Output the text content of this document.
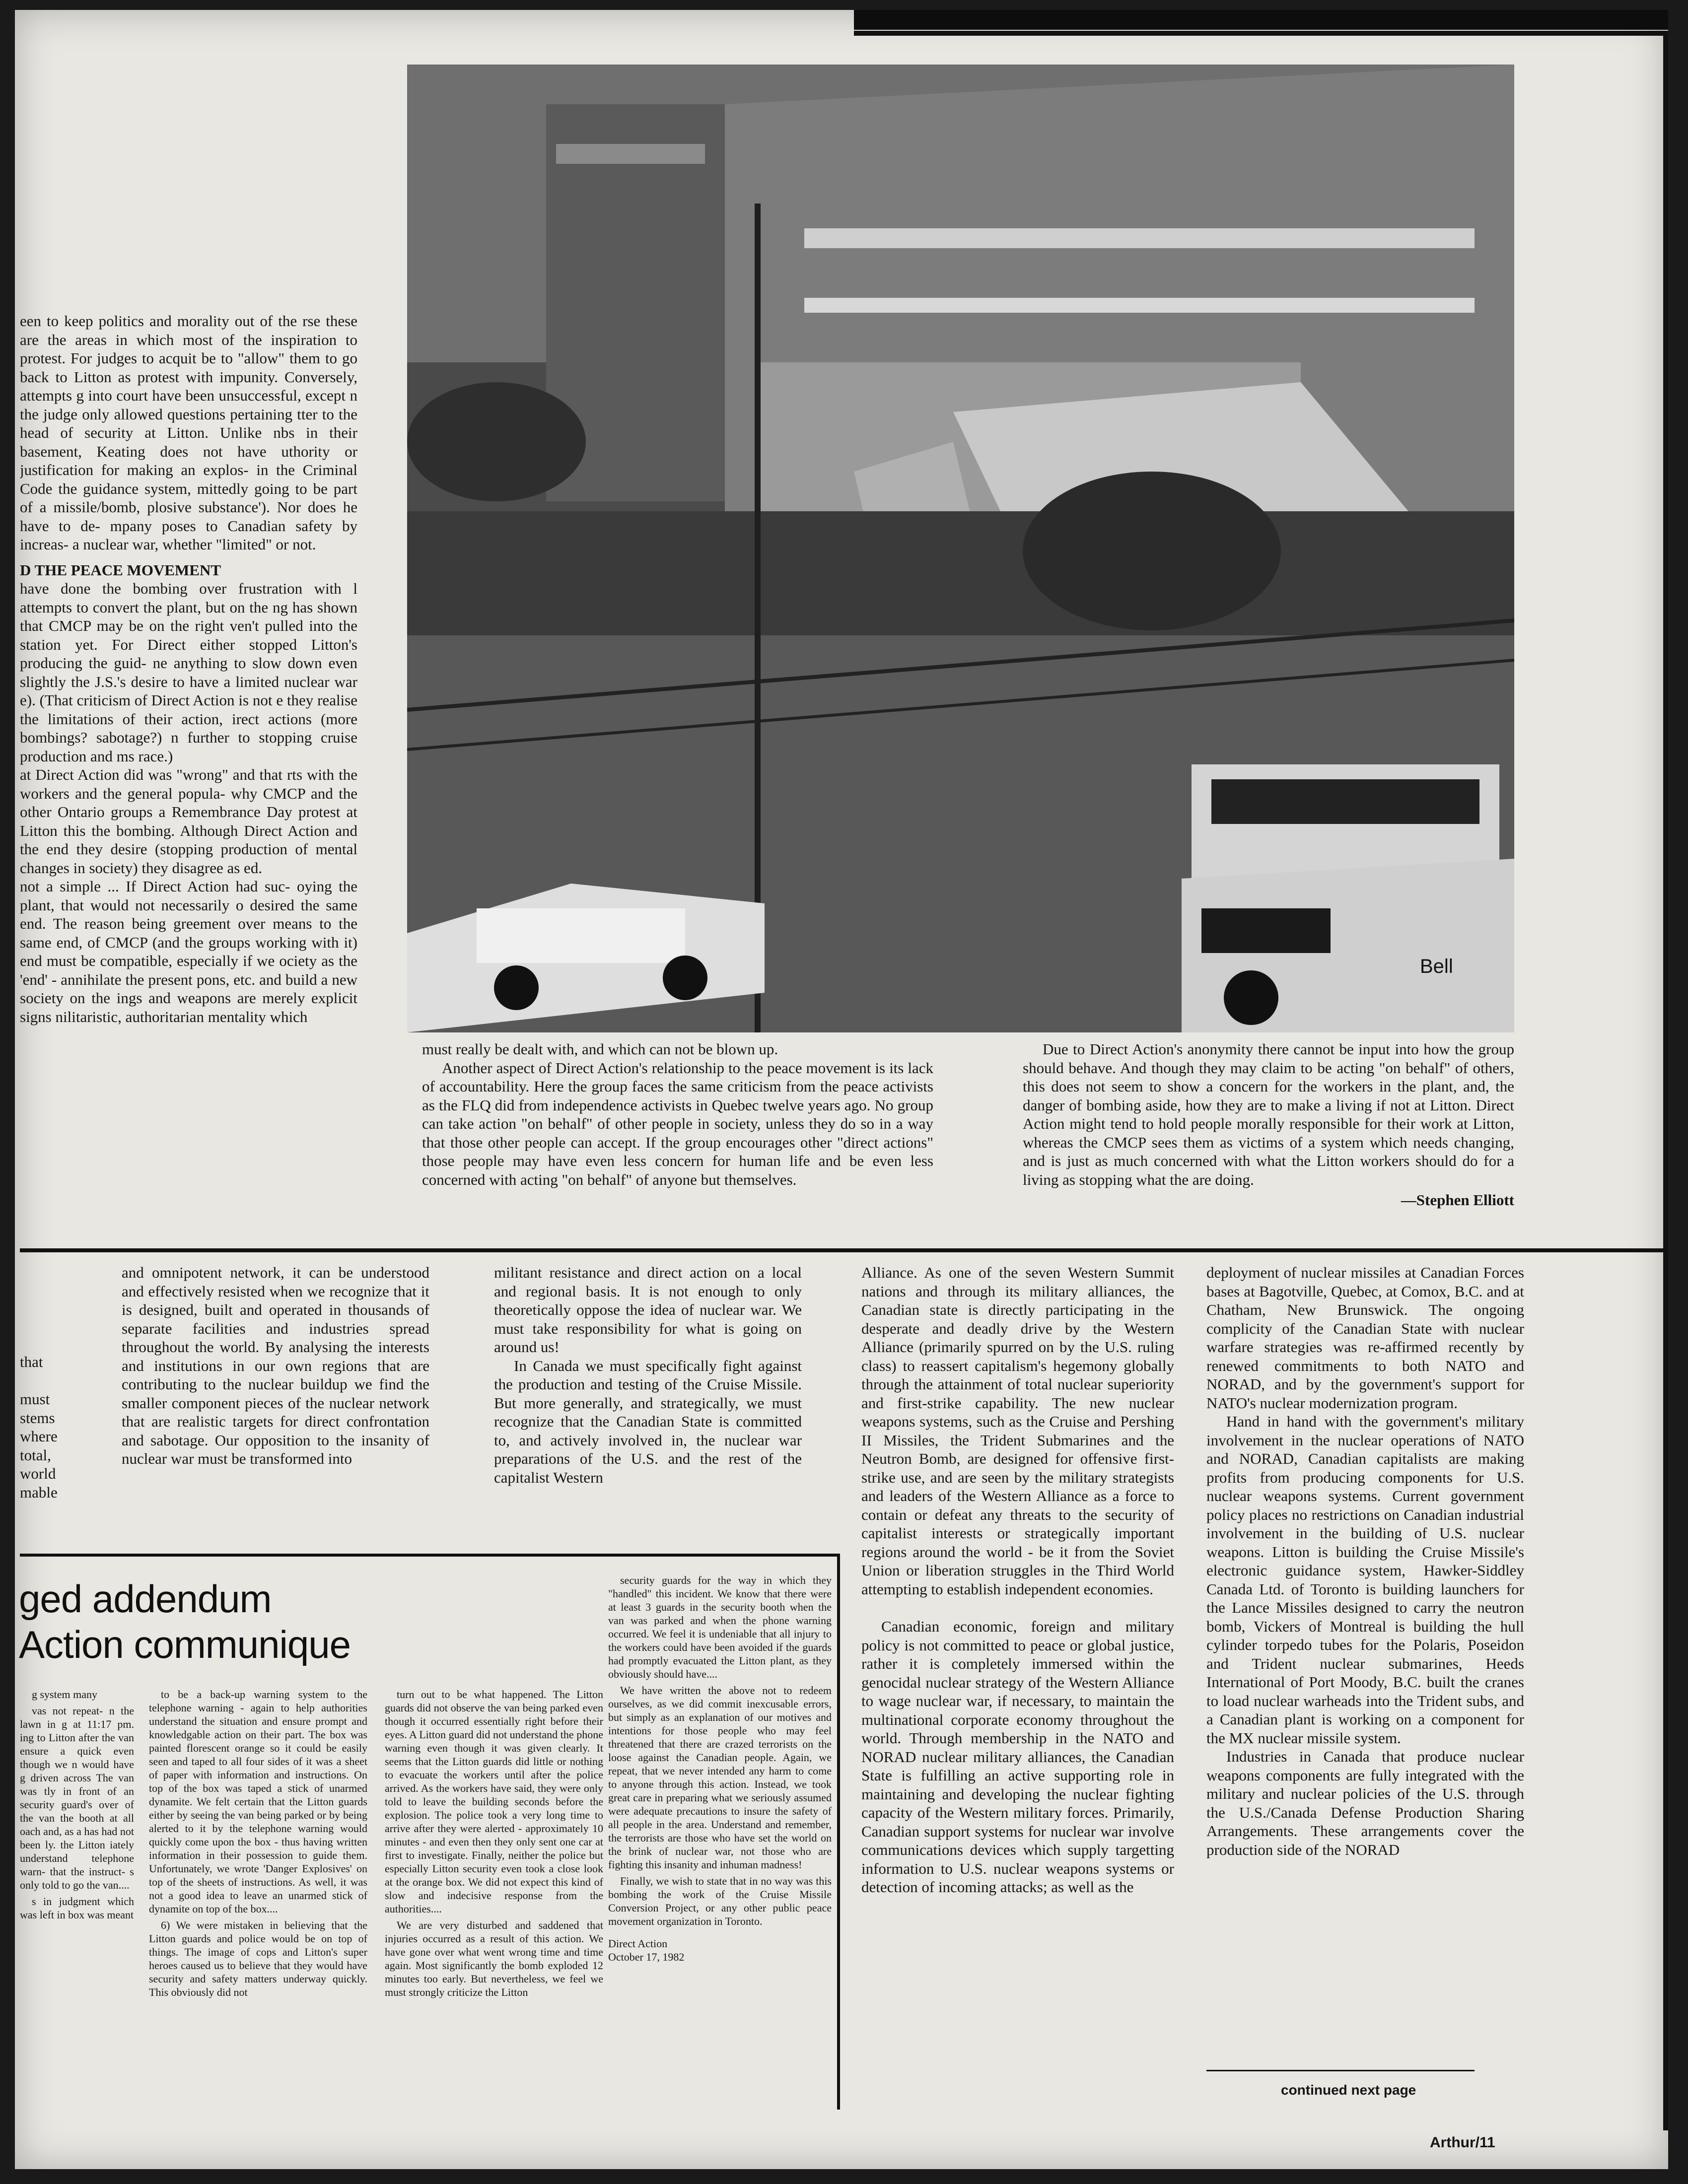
Bell

een to keep politics and morality out of the rse these are the areas in which most of the inspiration to protest. For judges to acquit be to "allow" them to go back to Litton as protest with impunity. Conversely, attempts g into court have been unsuccessful, except n the judge only allowed questions pertaining tter to the head of security at Litton. Unlike nbs in their basement, Keating does not have uthority or justification for making an explos- in the Criminal Code the guidance system, mittedly going to be part of a missile/bomb, plosive substance'). Nor does he have to de- mpany poses to Canadian safety by increas- a nuclear war, whether "limited" or not.

D THE PEACE MOVEMENT

have done the bombing over frustration with l attempts to convert the plant, but on the ng has shown that CMCP may be on the right ven't pulled into the station yet. For Direct either stopped Litton's producing the guid- ne anything to slow down even slightly the J.S.'s desire to have a limited nuclear war e). (That criticism of Direct Action is not e they realise the limitations of their action, irect actions (more bombings? sabotage?) n further to stopping cruise production and ms race.)

at Direct Action did was "wrong" and that rts with the workers and the general popula- why CMCP and the other Ontario groups a Remembrance Day protest at Litton this the bombing. Although Direct Action and the end they desire (stopping production of mental changes in society) they disagree as ed.

not a simple ... If Direct Action had suc- oying the plant, that would not necessarily o desired the same end. The reason being greement over means to the same end, of CMCP (and the groups working with it) end must be compatible, especially if we ociety as the 'end' - annihilate the present pons, etc. and build a new society on the ings and weapons are merely explicit signs nilitaristic, authoritarian mentality which

must really be dealt with, and which can not be blown up.

Another aspect of Direct Action's relationship to the peace movement is its lack of accountability. Here the group faces the same criticism from the peace activists as the FLQ did from independence activists in Quebec twelve years ago. No group can take action "on behalf" of other people in society, unless they do so in a way that those other people can accept. If the group encourages other "direct actions" those people may have even less concern for human life and be even less concerned with acting "on behalf" of anyone but themselves.

Due to Direct Action's anonymity there cannot be input into how the group should behave. And though they may claim to be acting "on behalf" of others, this does not seem to show a concern for the workers in the plant, and, the danger of bombing aside, how they are to make a living if not at Litton. Direct Action might tend to hold people morally responsible for their work at Litton, whereas the CMCP sees them as victims of a system which needs changing, and is just as much concerned with what the Litton workers should do for a living as stopping what the are doing.

—Stephen Elliott
that
must
stems
where
total,
world
mable

and omnipotent network, it can be understood and effectively resisted when we recognize that it is designed, built and operated in thousands of separate facilities and industries spread throughout the world. By analysing the interests and institutions in our own regions that are contributing to the nuclear buildup we find the smaller component pieces of the nuclear network that are realistic targets for direct confrontation and sabotage. Our opposition to the insanity of nuclear war must be transformed into

militant resistance and direct action on a local and regional basis. It is not enough to only theoretically oppose the idea of nuclear war. We must take responsibility for what is going on around us!

In Canada we must specifically fight against the production and testing of the Cruise Missile. But more generally, and strategically, we must recognize that the Canadian State is committed to, and actively involved in, the nuclear war preparations of the U.S. and the rest of the capitalist Western

Alliance. As one of the seven Western Summit nations and through its military alliances, the Canadian state is directly participating in the desperate and deadly drive by the Western Alliance (primarily spurred on by the U.S. ruling class) to reassert capitalism's hegemony globally through the attainment of total nuclear superiority and first-strike capability. The new nuclear weapons systems, such as the Cruise and Pershing II Missiles, the Trident Submarines and the Neutron Bomb, are designed for offensive first-strike use, and are seen by the military strategists and leaders of the Western Alliance as a force to contain or defeat any threats to the security of capitalist interests or strategically important regions around the world - be it from the Soviet Union or liberation struggles in the Third World attempting to establish independent economies.

Canadian economic, foreign and military policy is not committed to peace or global justice, rather it is completely immersed within the genocidal nuclear strategy of the Western Alliance to wage nuclear war, if necessary, to maintain the multinational corporate economy throughout the world. Through membership in the NATO and NORAD nuclear military alliances, the Canadian State is fulfilling an active supporting role in maintaining and developing the nuclear fighting capacity of the Western military forces. Primarily, Canadian support systems for nuclear war involve communications devices which supply targetting information to U.S. nuclear weapons systems or detection of incoming attacks; as well as the

deployment of nuclear missiles at Canadian Forces bases at Bagotville, Quebec, at Comox, B.C. and at Chatham, New Brunswick. The ongoing complicity of the Canadian State with nuclear warfare strategies was re-affirmed recently by renewed commitments to both NATO and NORAD, and by the government's support for NATO's nuclear modernization program.

Hand in hand with the government's military involvement in the nuclear operations of NATO and NORAD, Canadian capitalists are making profits from producing components for U.S. nuclear weapons systems. Current government policy places no restrictions on Canadian industrial involvement in the building of U.S. nuclear weapons. Litton is building the Cruise Missile's electronic guidance system, Hawker-Siddley Canada Ltd. of Toronto is building launchers for the Lance Missiles designed to carry the neutron bomb, Vickers of Montreal is building the hull cylinder torpedo tubes for the Polaris, Poseidon and Trident nuclear submarines, Heeds International of Port Moody, B.C. built the cranes to load nuclear warheads into the Trident subs, and a Canadian plant is working on a component for the MX nuclear missile system.

Industries in Canada that produce nuclear weapons components are fully integrated with the military and nuclear policies of the U.S. through the U.S./Canada Defense Production Sharing Arrangements. These arrangements cover the production side of the NORAD

continued next page
ged addendum
Action communique

g system many

vas not repeat- n the lawn in g at 11:17 pm. ing to Litton after the van ensure a quick even though we n would have g driven across The van was tly in front of an security guard's over of the van the booth at all oach and, as a has had not been ly. the Litton iately understand telephone warn- that the instruct- s only told to go the van....

s in judgment which was left in box was meant

to be a back-up warning system to the telephone warning - again to help authorities understand the situation and ensure prompt and knowledgable action on their part. The box was painted florescent orange so it could be easily seen and taped to all four sides of it was a sheet of paper with information and instructions. On top of the box was taped a stick of unarmed dynamite. We felt certain that the Litton guards either by seeing the van being parked or by being alerted to it by the telephone warning would quickly come upon the box - thus having written information in their possession to guide them. Unfortunately, we wrote 'Danger Explosives' on top of the sheets of instructions. As well, it was not a good idea to leave an unarmed stick of dynamite on top of the box....

6) We were mistaken in believing that the Litton guards and police would be on top of things. The image of cops and Litton's super heroes caused us to believe that they would have security and safety matters underway quickly. This obviously did not

turn out to be what happened. The Litton guards did not observe the van being parked even though it occurred essentially right before their eyes. A Litton guard did not understand the phone warning even though it was given clearly. It seems that the Litton guards did little or nothing to evacuate the workers until after the police arrived. As the workers have said, they were only told to leave the building seconds before the explosion. The police took a very long time to arrive after they were alerted - approximately 10 minutes - and even then they only sent one car at first to investigate. Finally, neither the police but especially Litton security even took a close look at the orange box. We did not expect this kind of slow and indecisive response from the authorities....

We are very disturbed and saddened that injuries occurred as a result of this action. We have gone over what went wrong time and time again. Most significantly the bomb exploded 12 minutes too early. But nevertheless, we feel we must strongly criticize the Litton

security guards for the way in which they "handled" this incident. We know that there were at least 3 guards in the security booth when the van was parked and when the phone warning occurred. We feel it is undeniable that all injury to the workers could have been avoided if the guards had promptly evacuated the Litton plant, as they obviously should have....

We have written the above not to redeem ourselves, as we did commit inexcusable errors, but simply as an explanation of our motives and intentions for those people who may feel threatened that there are crazed terrorists on the loose against the Canadian people. Again, we repeat, that we never intended any harm to come to anyone through this action. Instead, we took great care in preparing what we seriously assumed were adequate precautions to insure the safety of all people in the area. Understand and remember, the terrorists are those who have set the world on the brink of nuclear war, not those who are fighting this insanity and inhuman madness!

Finally, we wish to state that in no way was this bombing the work of the Cruise Missile Conversion Project, or any other public peace movement organization in Toronto.

Direct Action
October 17, 1982

Arthur/11
